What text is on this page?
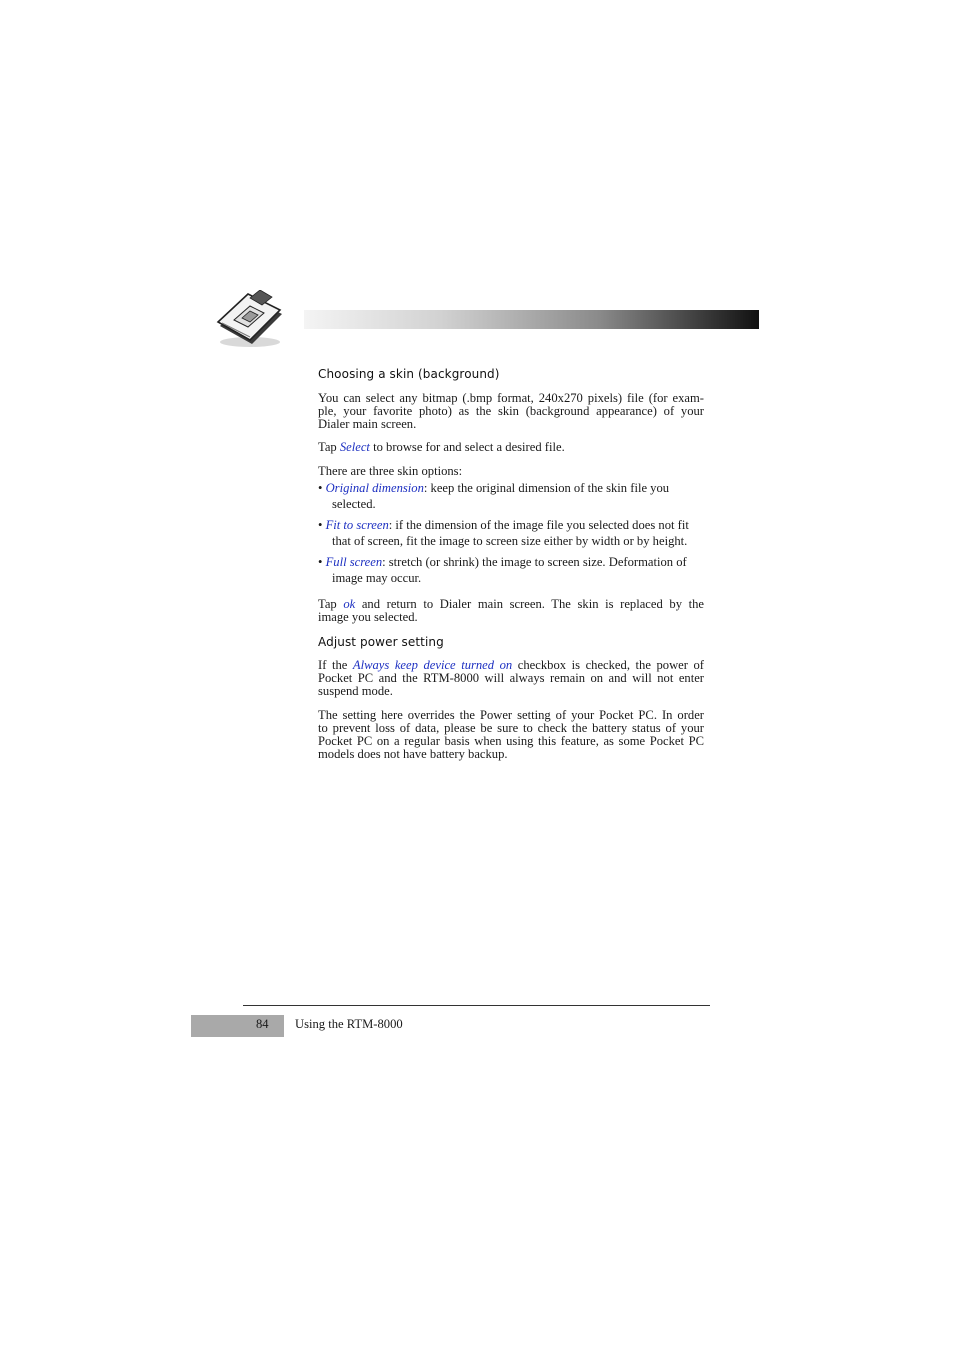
Choosing a skin (background)
You can select any bitmap (.bmp format, 240x270 pixels) file (for exam-
ple, your favorite photo) as the skin (background appearance) of your
Dialer main screen.
Tap Select to browse for and select a desired file.
There are three skin options:
• Original dimension: keep the original dimension of the skin file you
selected.
• Fit to screen: if the dimension of the image file you selected does not fit
that of screen, fit the image to screen size either by width or by height.
• Full screen: stretch (or shrink) the image to screen size. Deformation of
image may occur.
Tap ok and return to Dialer main screen. The skin is replaced by the
image you selected.
Adjust power setting
If the Always keep device turned on checkbox is checked, the power of
Pocket PC and the RTM-8000 will always remain on and will not enter
suspend mode.
The setting here overrides the Power setting of your Pocket PC. In order
to prevent loss of data, please be sure to check the battery status of your
Pocket PC on a regular basis when using this feature, as some Pocket PC
models does not have battery backup.
84 Using the RTM-8000
